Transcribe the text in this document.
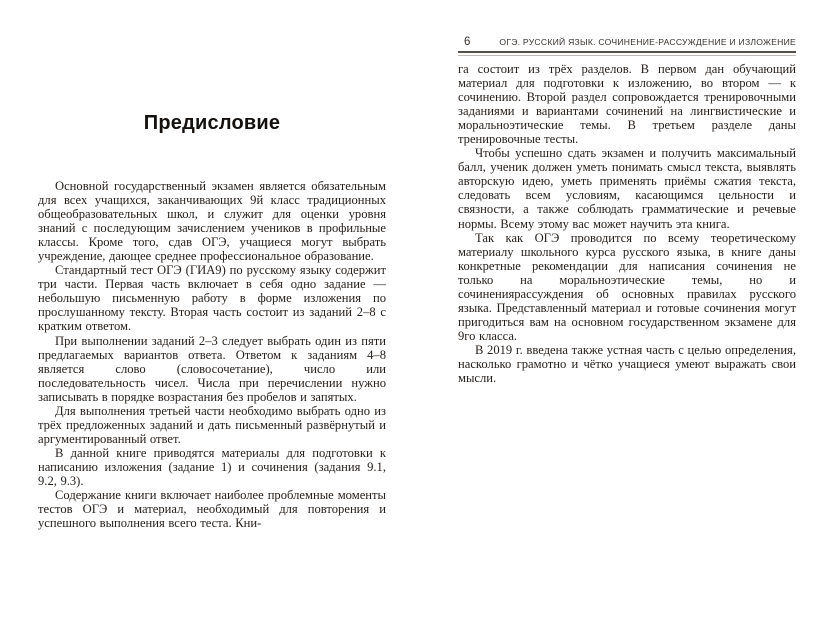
Предисловие

Основной государственный экзамен является обязательным для всех учащихся, заканчивающих 9й класс традиционных общеобразовательных школ, и служит для оценки уровня знаний с последующим зачислением учеников в профильные классы. Кроме того, сдав ОГЭ, учащиеся могут выбрать учреждение, дающее среднее профессиональное образование.

Стандартный тест ОГЭ (ГИА9) по русскому языку содержит три части. Первая часть включает в себя одно задание — небольшую письменную работу в форме изложения по прослушанному тексту. Вторая часть состоит из заданий 2–8 с кратким ответом.

При выполнении заданий 2–3 следует выбрать один из пяти предлагаемых вариантов ответа. Ответом к заданиям 4–8 является слово (словосочетание), число или последовательность чисел. Числа при перечислении нужно записывать в порядке возрастания без пробелов и запятых.

Для выполнения третьей части необходимо выбрать одно из трёх предложенных заданий и дать письменный развёрнутый и аргументированный ответ.

В данной книге приводятся материалы для подготовки к написанию изложения (задание 1) и сочинения (задания 9.1, 9.2, 9.3).

Содержание книги включает наиболее проблемные моменты тестов ОГЭ и материал, необходимый для повторения и успешного выполнения всего теста. Кни-

6	ОГЭ. РУССКИЙ ЯЗЫК. СОЧИНЕНИЕ-РАССУЖДЕНИЕ И ИЗЛОЖЕНИЕ

га состоит из трёх разделов. В первом дан обучающий материал для подготовки к изложению, во втором — к сочинению. Второй раздел сопровождается тренировочными заданиями и вариантами сочинений на лингвистические и моральноэтические темы. В третьем разделе даны тренировочные тесты.

Чтобы успешно сдать экзамен и получить максимальный балл, ученик должен уметь понимать смысл текста, выявлять авторскую идею, уметь применять приёмы сжатия текста, следовать всем условиям, касающимся цельности и связности, а также соблюдать грамматические и речевые нормы. Всему этому вас может научить эта книга.

Так как ОГЭ проводится по всему теоретическому материалу школьного курса русского языка, в книге даны конкретные рекомендации для написания сочинения не только на моральноэтические темы, но и сочинениярассуждения об основных правилах русского языка. Представленный материал и готовые сочинения могут пригодиться вам на основном государственном экзамене для 9го класса.

В 2019 г. введена также устная часть с целью определения, насколько грамотно и чётко учащиеся умеют выражать свои мысли.
